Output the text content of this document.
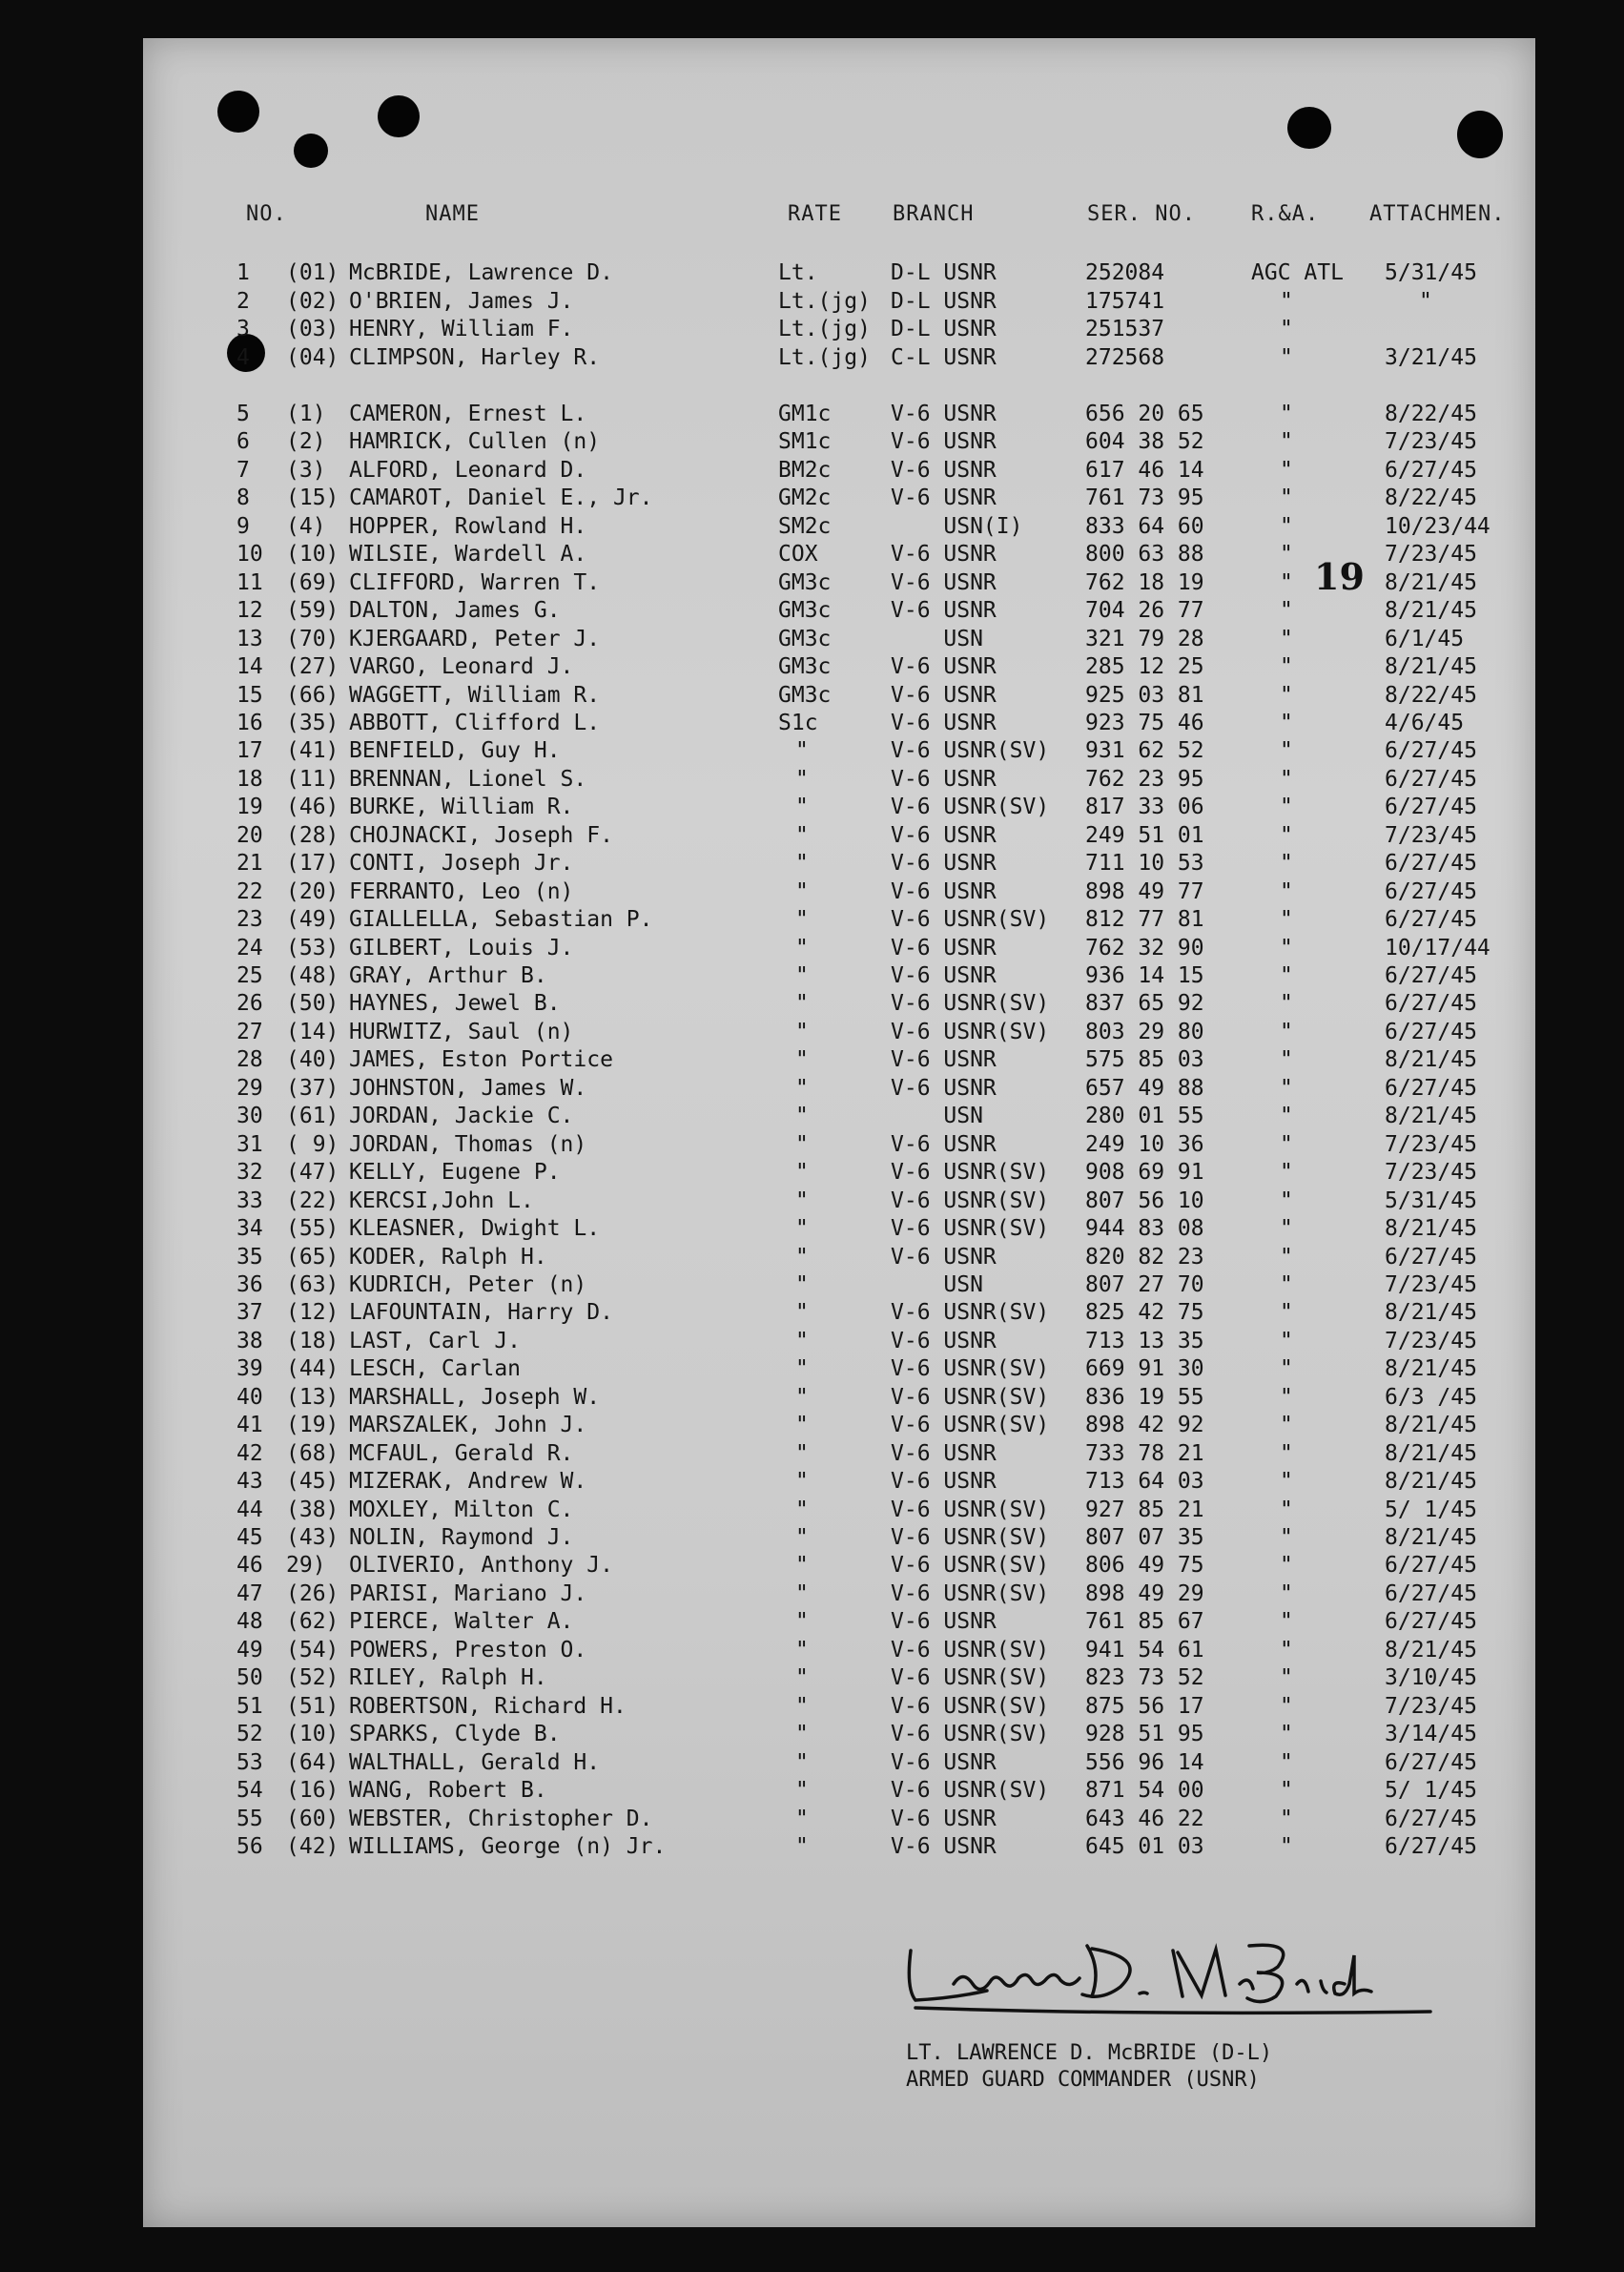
NO.	NAME	RATE BRANCH	SER. NO.	R.&A. ATTACHMEN.
19
1 (01) McBRIDE, Lawrence D.	Lt.	D-L USNR	252084	AGC ATL 5/31/45
2 (02) O'BRIEN, James J.	Lt.(jg) D-L USNR	175741	"	"
3 (03) HENRY, William F.	Lt.(jg) D-L USNR	251537	"
4 (04) CLIMPSON, Harley R.	Lt.(jg) C-L USNR	272568	"	3/21/45
5 (1) CAMERON, Ernest L.	GM1c	V-6 USNR	656 20 65	"	8/22/45
6 (2) HAMRICK, Cullen (n)	SM1c	V-6 USNR	604 38 52	"	7/23/45
7 (3) ALFORD, Leonard D.	BM2c	V-6 USNR	617 46 14	"	6/27/45
8 (15) CAMAROT, Daniel E., Jr.	GM2c	V-6 USNR	761 73 95	"	8/22/45
9 (4) HOPPER, Rowland H.	SM2c	USN(I)	833 64 60	"	10/23/44
10 (10) WILSIE, Wardell A.	COX	V-6 USNR	800 63 88	"	7/23/45
11 (69) CLIFFORD, Warren T.	GM3c	V-6 USNR	762 18 19	"	8/21/45
12 (59) DALTON, James G.	GM3c	V-6 USNR	704 26 77	"	8/21/45
13 (70) KJERGAARD, Peter J.	GM3c	USN	321 79 28	"	6/1/45
14 (27) VARGO, Leonard J.	GM3c	V-6 USNR	285 12 25	"	8/21/45
15 (66) WAGGETT, William R.	GM3c	V-6 USNR	925 03 81	"	8/22/45
16 (35) ABBOTT, Clifford L.	S1c	V-6 USNR	923 75 46	"	4/6/45
17 (41) BENFIELD, Guy H.	"	V-6 USNR(SV) 931 62 52	"	6/27/45
18 (11) BRENNAN, Lionel S.	"	V-6 USNR	762 23 95	"	6/27/45
19 (46) BURKE, William R.	"	V-6 USNR(SV) 817 33 06	"	6/27/45
20 (28) CHOJNACKI, Joseph F.	"	V-6 USNR	249 51 01	"	7/23/45
21 (17) CONTI, Joseph Jr.	"	V-6 USNR	711 10 53	"	6/27/45
22 (20) FERRANTO, Leo (n)	"	V-6 USNR	898 49 77	"	6/27/45
23 (49) GIALLELLA, Sebastian P.	"	V-6 USNR(SV) 812 77 81	"	6/27/45
24 (53) GILBERT, Louis J.	"	V-6 USNR	762 32 90	"	10/17/44
25 (48) GRAY, Arthur B.	"	V-6 USNR	936 14 15	"	6/27/45
26 (50) HAYNES, Jewel B.	"	V-6 USNR(SV) 837 65 92	"	6/27/45
27 (14) HURWITZ, Saul (n)	"	V-6 USNR(SV) 803 29 80	"	6/27/45
28 (40) JAMES, Eston Portice	"	V-6 USNR	575 85 03	"	8/21/45
29 (37) JOHNSTON, James W.	"	V-6 USNR	657 49 88	"	6/27/45
30 (61) JORDAN, Jackie C.	"	USN	280 01 55	"	8/21/45
31 ( 9) JORDAN, Thomas (n)	"	V-6 USNR	249 10 36	"	7/23/45
32 (47) KELLY, Eugene P.	"	V-6 USNR(SV) 908 69 91	"	7/23/45
33 (22) KERCSI,John L.	"	V-6 USNR(SV) 807 56 10	"	5/31/45
34 (55) KLEASNER, Dwight L.	"	V-6 USNR(SV) 944 83 08	"	8/21/45
35 (65) KODER, Ralph H.	"	V-6 USNR	820 82 23	"	6/27/45
36 (63) KUDRICH, Peter (n)	"	USN	807 27 70	"	7/23/45
37 (12) LAFOUNTAIN, Harry D.	"	V-6 USNR(SV) 825 42 75	"	8/21/45
38 (18) LAST, Carl J.	"	V-6 USNR	713 13 35	"	7/23/45
39 (44) LESCH, Carlan	"	V-6 USNR(SV) 669 91 30	"	8/21/45
40 (13) MARSHALL, Joseph W.	"	V-6 USNR(SV) 836 19 55	"	6/3 /45
41 (19) MARSZALEK, John J.	"	V-6 USNR(SV) 898 42 92	"	8/21/45
42 (68) MCFAUL, Gerald R.	"	V-6 USNR	733 78 21	"	8/21/45
43 (45) MIZERAK, Andrew W.	"	V-6 USNR	713 64 03	"	8/21/45
44 (38) MOXLEY, Milton C.	"	V-6 USNR(SV) 927 85 21	"	5/ 1/45
45 (43) NOLIN, Raymond J.	"	V-6 USNR(SV) 807 07 35	"	8/21/45
46 29) OLIVERIO, Anthony J.	"	V-6 USNR(SV) 806 49 75	"	6/27/45
47 (26) PARISI, Mariano J.	"	V-6 USNR(SV) 898 49 29	"	6/27/45
48 (62) PIERCE, Walter A.	"	V-6 USNR	761 85 67	"	6/27/45
49 (54) POWERS, Preston O.	"	V-6 USNR(SV) 941 54 61	"	8/21/45
50 (52) RILEY, Ralph H.	"	V-6 USNR(SV) 823 73 52	"	3/10/45
51 (51) ROBERTSON, Richard H.	"	V-6 USNR(SV) 875 56 17	"	7/23/45
52 (10) SPARKS, Clyde B.	"	V-6 USNR(SV) 928 51 95	"	3/14/45
53 (64) WALTHALL, Gerald H.	"	V-6 USNR	556 96 14	"	6/27/45
54 (16) WANG, Robert B.	"	V-6 USNR(SV) 871 54 00	"	5/ 1/45
55 (60) WEBSTER, Christopher D.	"	V-6 USNR	643 46 22	"	6/27/45
56 (42) WILLIAMS, George (n) Jr.	"	V-6 USNR	645 01 03	"	6/27/45
LT. LAWRENCE D. McBRIDE (D-L)
ARMED GUARD COMMANDER (USNR)
